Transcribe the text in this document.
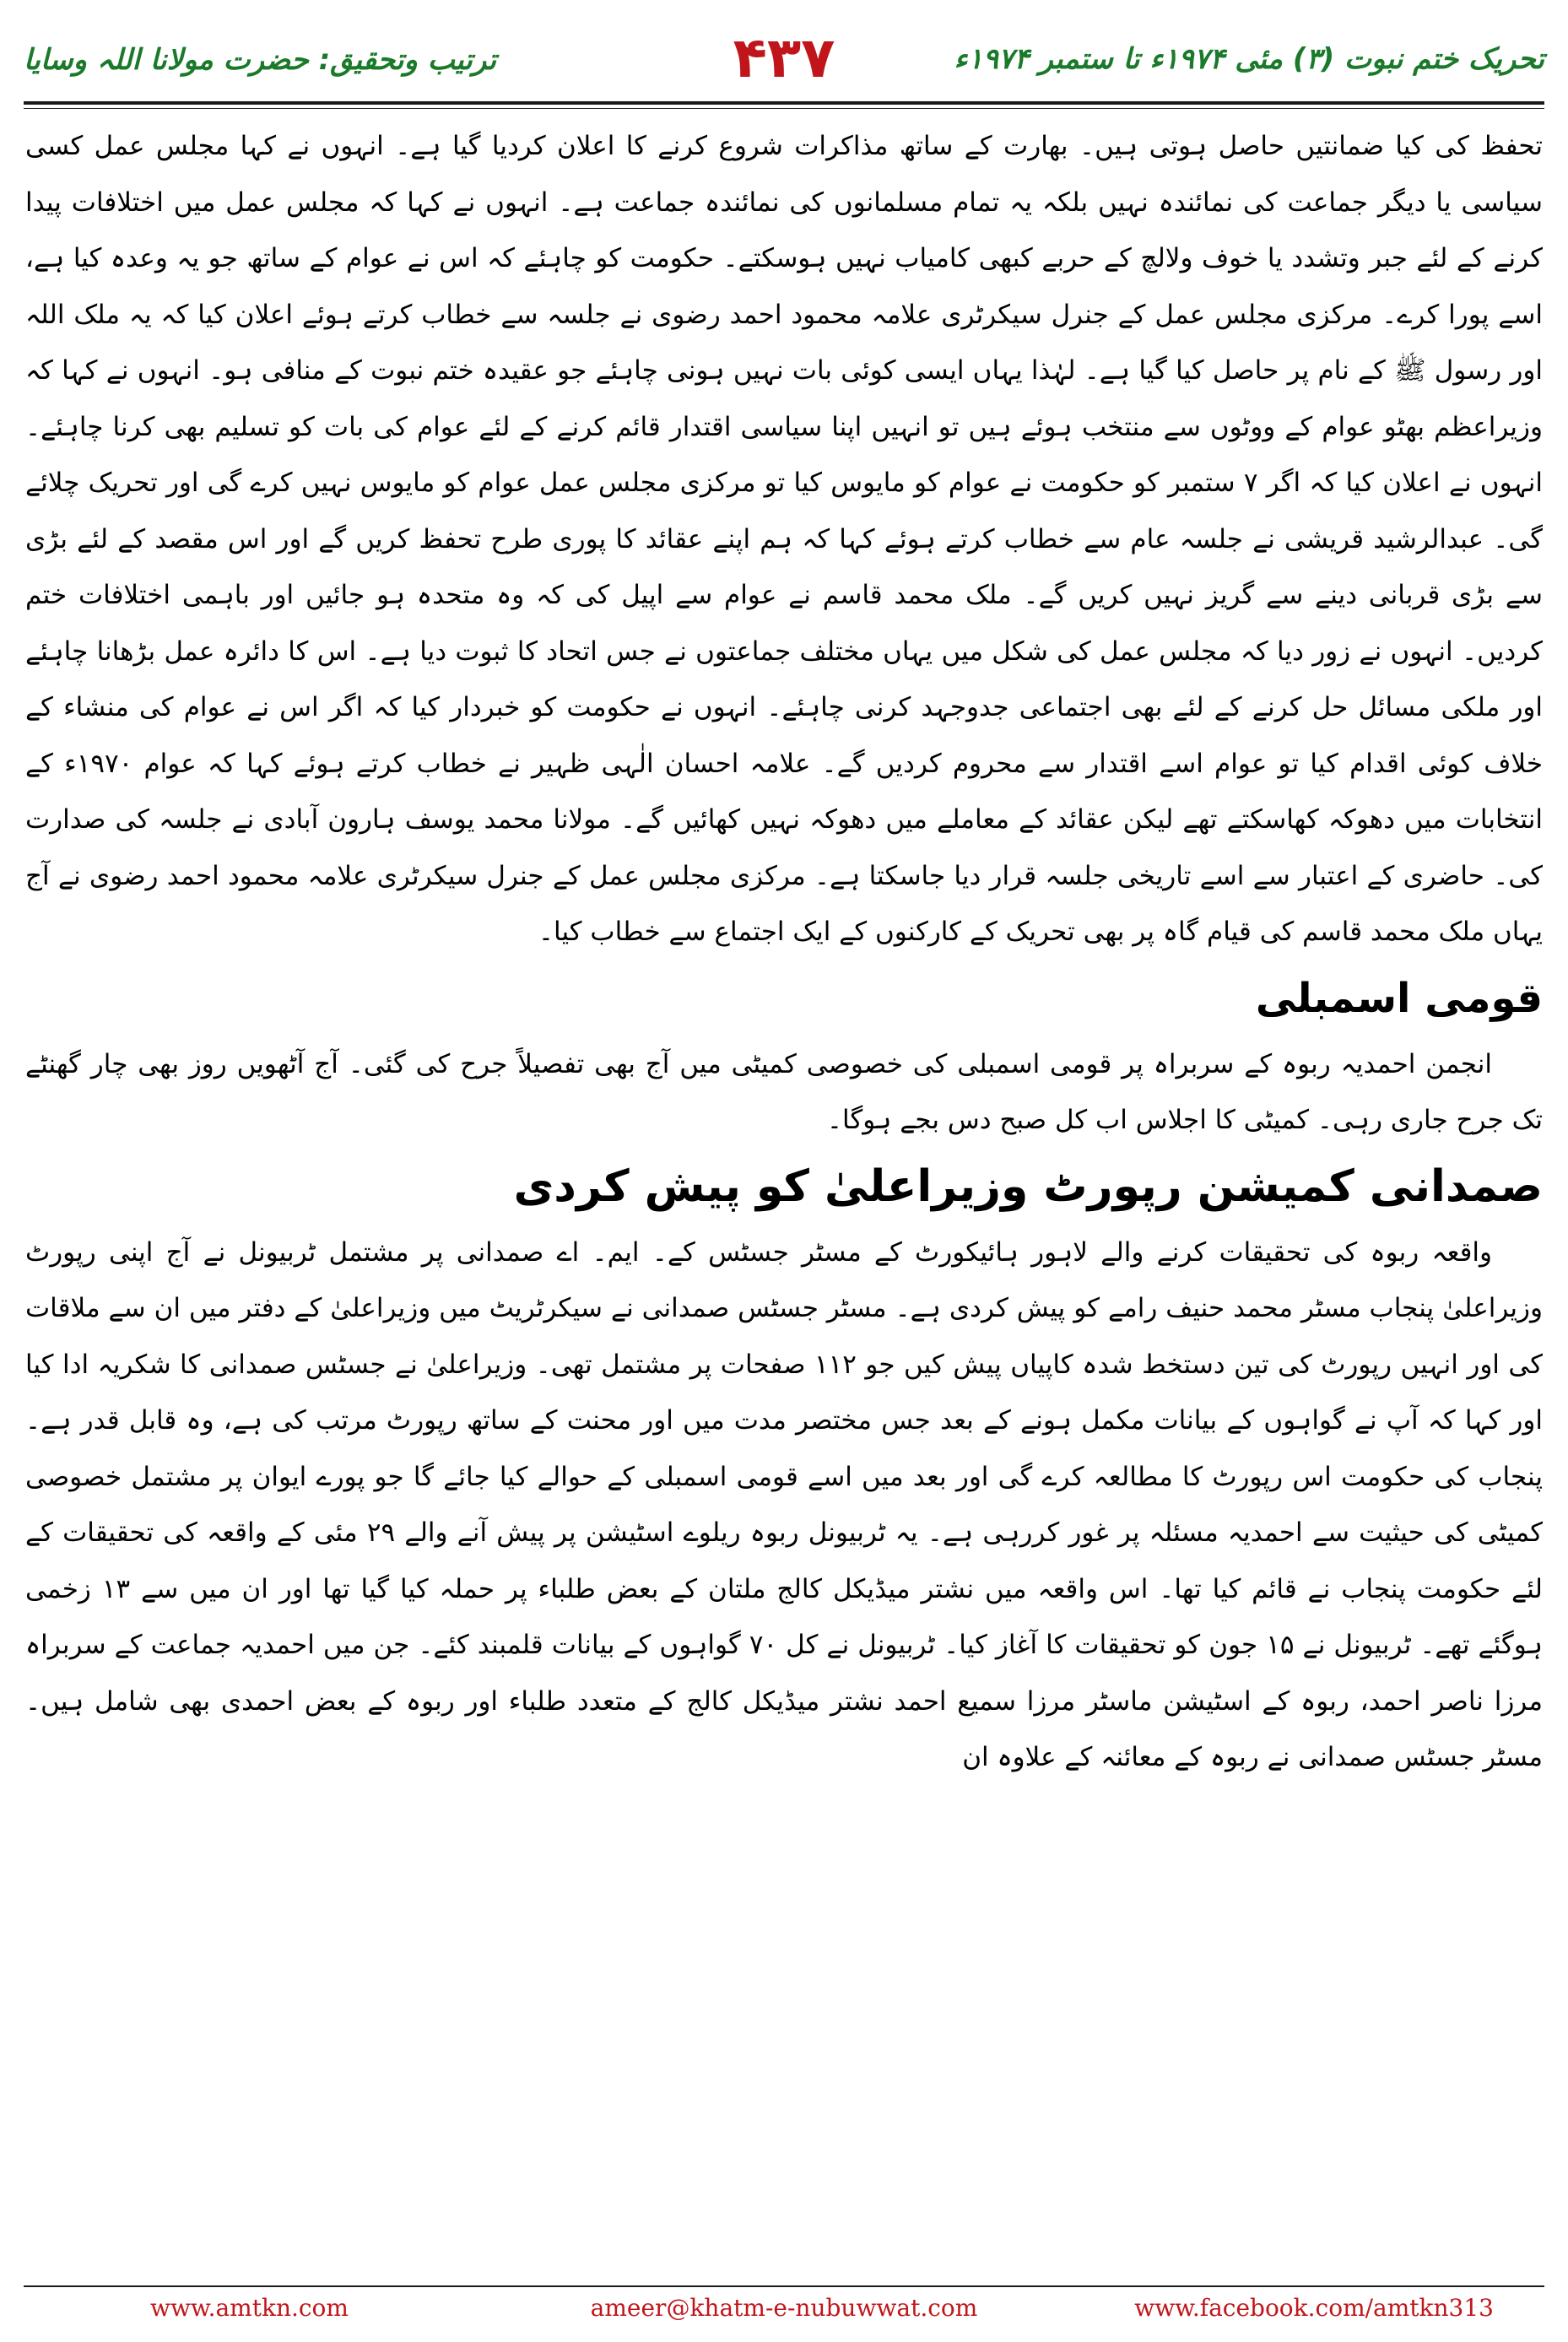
تحریک ختم نبوت (۳) مئی ۱۹۷۴ء تا ستمبر ۱۹۷۴ء
۴۳۷
ترتیب وتحقیق: حضرت مولانا اللہ وسایا

تحفظ کی کیا ضمانتیں حاصل ہوتی ہیں۔ بھارت کے ساتھ مذاکرات شروع کرنے کا اعلان کردیا گیا ہے۔ انہوں نے کہا مجلس عمل کسی سیاسی یا دیگر جماعت کی نمائندہ نہیں بلکہ یہ تمام مسلمانوں کی نمائندہ جماعت ہے۔ انہوں نے کہا کہ مجلس عمل میں اختلافات پیدا کرنے کے لئے جبر وتشدد یا خوف ولالچ کے حربے کبھی کامیاب نہیں ہوسکتے۔ حکومت کو چاہئے کہ اس نے عوام کے ساتھ جو یہ وعدہ کیا ہے، اسے پورا کرے۔ مرکزی مجلس عمل کے جنرل سیکرٹری علامہ محمود احمد رضوی نے جلسہ سے خطاب کرتے ہوئے اعلان کیا کہ یہ ملک اللہ اور رسول ﷺ کے نام پر حاصل کیا گیا ہے۔ لہٰذا یہاں ایسی کوئی بات نہیں ہونی چاہئے جو عقیدہ ختم نبوت کے منافی ہو۔ انہوں نے کہا کہ وزیراعظم بھٹو عوام کے ووٹوں سے منتخب ہوئے ہیں تو انہیں اپنا سیاسی اقتدار قائم کرنے کے لئے عوام کی بات کو تسلیم بھی کرنا چاہئے۔ انہوں نے اعلان کیا کہ اگر ۷ ستمبر کو حکومت نے عوام کو مایوس کیا تو مرکزی مجلس عمل عوام کو مایوس نہیں کرے گی اور تحریک چلائے گی۔ عبدالرشید قریشی نے جلسہ عام سے خطاب کرتے ہوئے کہا کہ ہم اپنے عقائد کا پوری طرح تحفظ کریں گے اور اس مقصد کے لئے بڑی سے بڑی قربانی دینے سے گریز نہیں کریں گے۔ ملک محمد قاسم نے عوام سے اپیل کی کہ وہ متحدہ ہو جائیں اور باہمی اختلافات ختم کردیں۔ انہوں نے زور دیا کہ مجلس عمل کی شکل میں یہاں مختلف جماعتوں نے جس اتحاد کا ثبوت دیا ہے۔ اس کا دائرہ عمل بڑھانا چاہئے اور ملکی مسائل حل کرنے کے لئے بھی اجتماعی جدوجہد کرنی چاہئے۔ انہوں نے حکومت کو خبردار کیا کہ اگر اس نے عوام کی منشاء کے خلاف کوئی اقدام کیا تو عوام اسے اقتدار سے محروم کردیں گے۔ علامہ احسان الٰہی ظہیر نے خطاب کرتے ہوئے کہا کہ عوام ۱۹۷۰ء کے انتخابات میں دھوکہ کھاسکتے تھے لیکن عقائد کے معاملے میں دھوکہ نہیں کھائیں گے۔ مولانا محمد یوسف ہارون آبادی نے جلسہ کی صدارت کی۔ حاضری کے اعتبار سے اسے تاریخی جلسہ قرار دیا جاسکتا ہے۔ مرکزی مجلس عمل کے جنرل سیکرٹری علامہ محمود احمد رضوی نے آج یہاں ملک محمد قاسم کی قیام گاہ پر بھی تحریک کے کارکنوں کے ایک اجتماع سے خطاب کیا۔

قومی اسمبلی

انجمن احمدیہ ربوہ کے سربراہ پر قومی اسمبلی کی خصوصی کمیٹی میں آج بھی تفصیلاً جرح کی گئی۔ آج آٹھویں روز بھی چار گھنٹے تک جرح جاری رہی۔ کمیٹی کا اجلاس اب کل صبح دس بجے ہوگا۔

صمدانی کمیشن رپورٹ وزیراعلیٰ کو پیش کردی

واقعہ ربوہ کی تحقیقات کرنے والے لاہور ہائیکورٹ کے مسٹر جسٹس کے۔ ایم۔ اے صمدانی پر مشتمل ٹربیونل نے آج اپنی رپورٹ وزیراعلیٰ پنجاب مسٹر محمد حنیف رامے کو پیش کردی ہے۔ مسٹر جسٹس صمدانی نے سیکرٹریٹ میں وزیراعلیٰ کے دفتر میں ان سے ملاقات کی اور انہیں رپورٹ کی تین دستخط شدہ کاپیاں پیش کیں جو ۱۱۲ صفحات پر مشتمل تھی۔ وزیراعلیٰ نے جسٹس صمدانی کا شکریہ ادا کیا اور کہا کہ آپ نے گواہوں کے بیانات مکمل ہونے کے بعد جس مختصر مدت میں اور محنت کے ساتھ رپورٹ مرتب کی ہے، وہ قابل قدر ہے۔ پنجاب کی حکومت اس رپورٹ کا مطالعہ کرے گی اور بعد میں اسے قومی اسمبلی کے حوالے کیا جائے گا جو پورے ایوان پر مشتمل خصوصی کمیٹی کی حیثیت سے احمدیہ مسئلہ پر غور کررہی ہے۔ یہ ٹربیونل ربوہ ریلوے اسٹیشن پر پیش آنے والے ۲۹ مئی کے واقعہ کی تحقیقات کے لئے حکومت پنجاب نے قائم کیا تھا۔ اس واقعہ میں نشتر میڈیکل کالج ملتان کے بعض طلباء پر حملہ کیا گیا تھا اور ان میں سے ۱۳ زخمی ہوگئے تھے۔ ٹربیونل نے ۱۵ جون کو تحقیقات کا آغاز کیا۔ ٹربیونل نے کل ۷۰ گواہوں کے بیانات قلمبند کئے۔ جن میں احمدیہ جماعت کے سربراہ مرزا ناصر احمد، ربوہ کے اسٹیشن ماسٹر مرزا سمیع احمد نشتر میڈیکل کالج کے متعدد طلباء اور ربوہ کے بعض احمدی بھی شامل ہیں۔ مسٹر جسٹس صمدانی نے ربوہ کے معائنہ کے علاوہ ان

www.amtkn.com	ameer@khatm-e-nubuwwat.com	www.facebook.com/amtkn313
